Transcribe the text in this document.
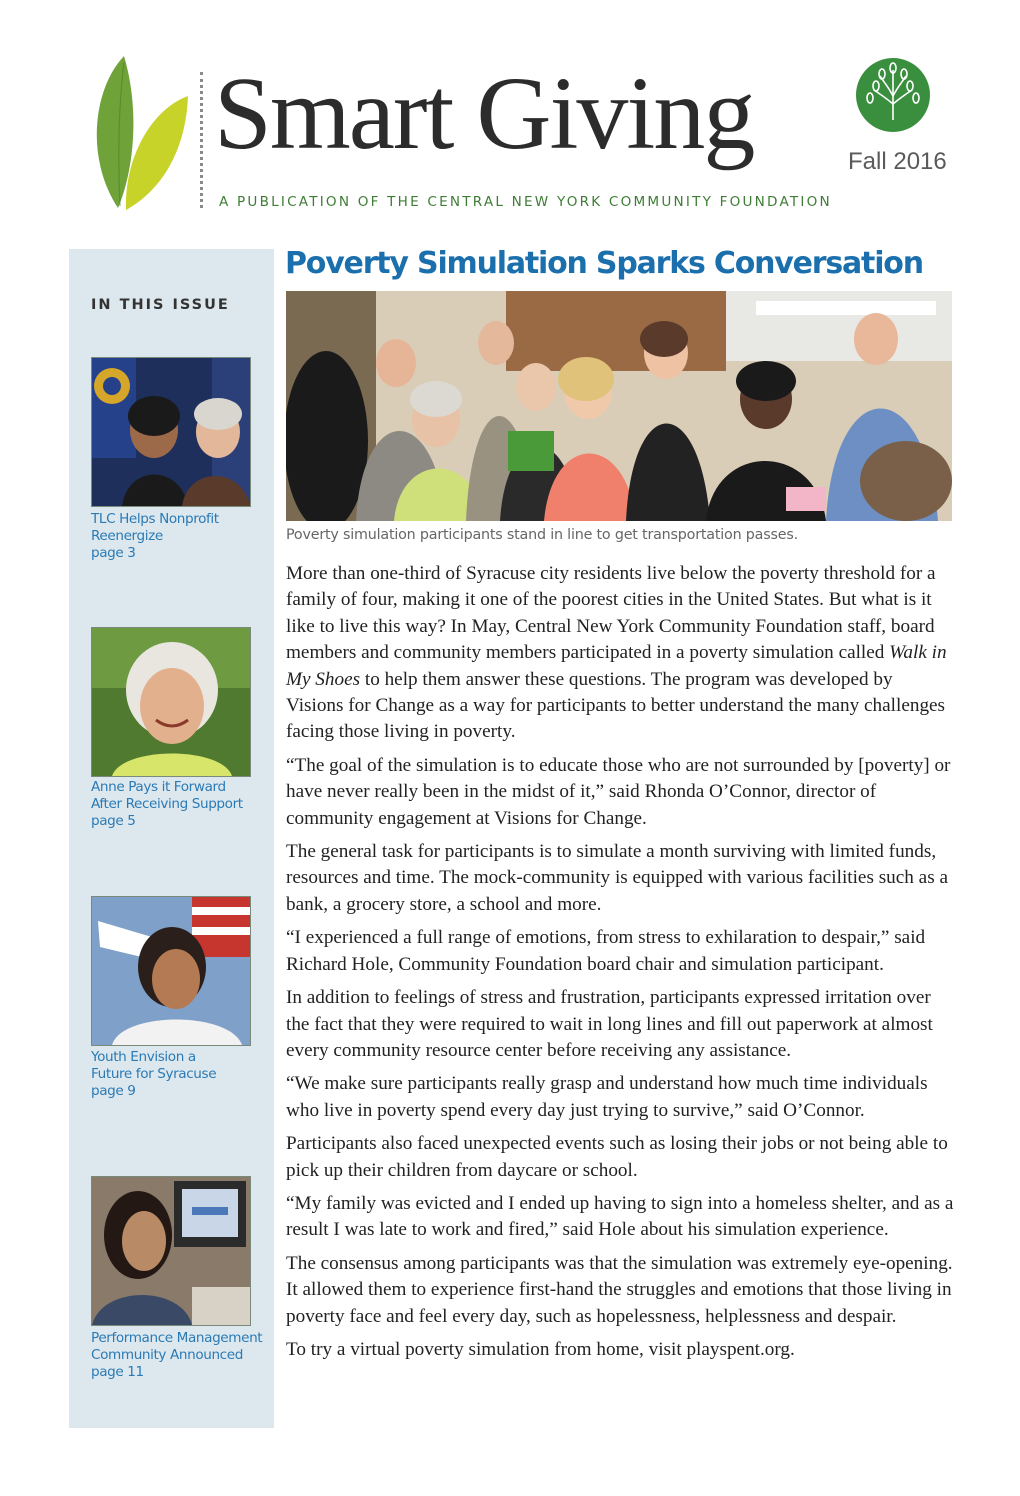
Smart Giving	Fall 2016

A PUBLICATION OF THE CENTRAL NEW YORK COMMUNITY FOUNDATION

IN THIS ISSUE
TLC Helps Nonprofit
Reenergize
page 3
Anne Pays it Forward
After Receiving Support
page 5
Youth Envision a
Future for Syracuse
page 9
Performance Management
Community Announced
page 11
Poverty Simulation Sparks Conversation
Poverty simulation participants stand in line to get transportation passes.

More than one-third of Syracuse city residents live below the poverty threshold for a family of four, making it one of the poorest cities in the United States. But what is it like to live this way? In May, Central New York Community Foundation staff, board members and community members participated in a poverty simulation called Walk in My Shoes to help them answer these questions. The program was developed by Visions for Change as a way for participants to better understand the many challenges facing those living in poverty.

“The goal of the simulation is to educate those who are not surrounded by [poverty] or have never really been in the midst of it,” said Rhonda O’Connor, director of community engagement at Visions for Change.

The general task for participants is to simulate a month surviving with limited funds, resources and time. The mock-community is equipped with various facilities such as a bank, a grocery store, a school and more.

“I experienced a full range of emotions, from stress to exhilaration to despair,” said Richard Hole, Community Foundation board chair and simulation participant.

In addition to feelings of stress and frustration, participants expressed irritation over the fact that they were required to wait in long lines and fill out paperwork at almost every community resource center before receiving any assistance.

“We make sure participants really grasp and understand how much time individuals who live in poverty spend every day just trying to survive,” said O’Connor.

Participants also faced unexpected events such as losing their jobs or not being able to pick up their children from daycare or school.

“My family was evicted and I ended up having to sign into a homeless shelter, and as a result I was late to work and fired,” said Hole about his simulation experience.

The consensus among participants was that the simulation was extremely eye-opening. It allowed them to experience first-hand the struggles and emotions that those living in poverty face and feel every day, such as hopelessness, helplessness and despair.

To try a virtual poverty simulation from home, visit playspent.org.
